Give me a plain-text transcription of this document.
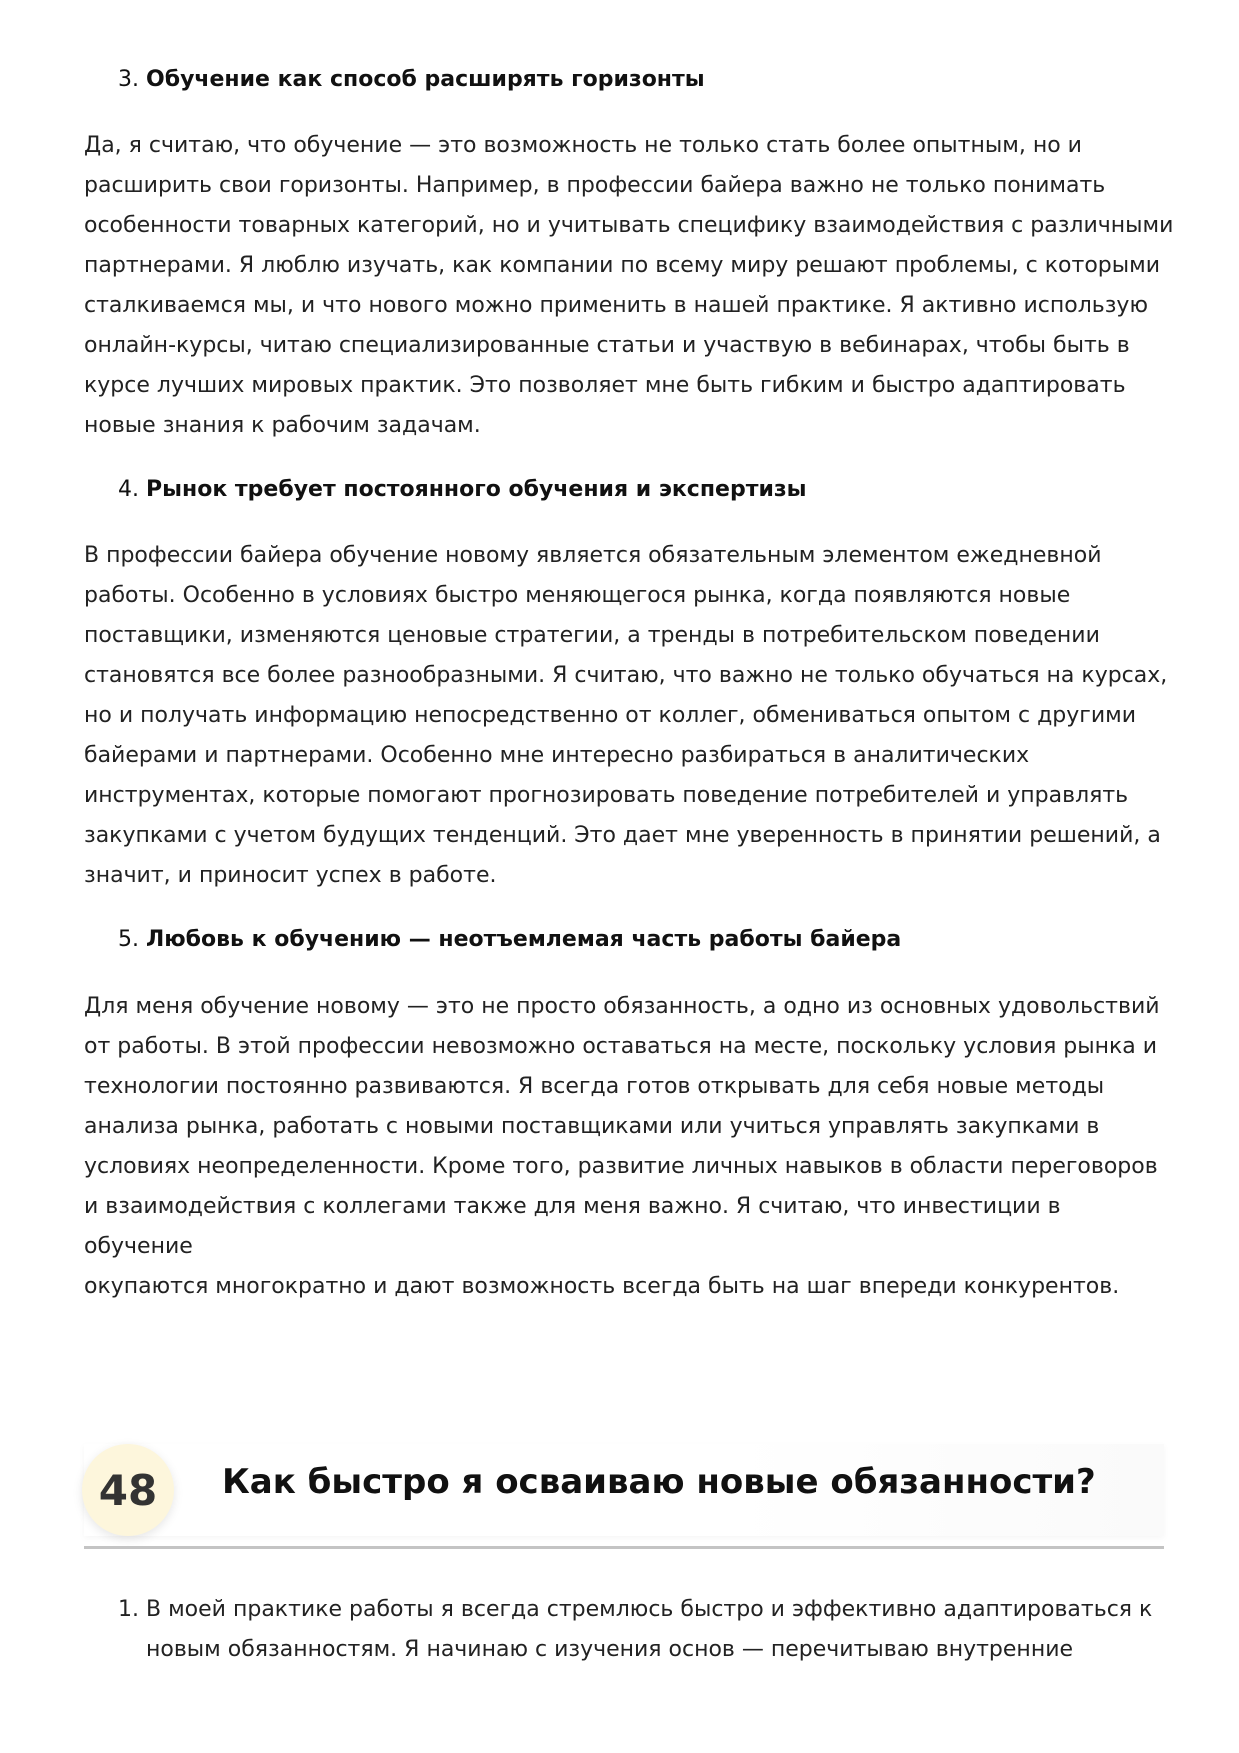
3. Обучение как способ расширять горизонты

Да, я считаю, что обучение — это возможность не только стать более опытным, но и
расширить свои горизонты. Например, в профессии байера важно не только понимать
особенности товарных категорий, но и учитывать специфику взаимодействия с различными
партнерами. Я люблю изучать, как компании по всему миру решают проблемы, с которыми
сталкиваемся мы, и что нового можно применить в нашей практике. Я активно использую
онлайн-курсы, читаю специализированные статьи и участвую в вебинарах, чтобы быть в
курсе лучших мировых практик. Это позволяет мне быть гибким и быстро адаптировать
новые знания к рабочим задачам.

4. Рынок требует постоянного обучения и экспертизы

В профессии байера обучение новому является обязательным элементом ежедневной
работы. Особенно в условиях быстро меняющегося рынка, когда появляются новые
поставщики, изменяются ценовые стратегии, а тренды в потребительском поведении
становятся все более разнообразными. Я считаю, что важно не только обучаться на курсах,
но и получать информацию непосредственно от коллег, обмениваться опытом с другими
байерами и партнерами. Особенно мне интересно разбираться в аналитических
инструментах, которые помогают прогнозировать поведение потребителей и управлять
закупками с учетом будущих тенденций. Это дает мне уверенность в принятии решений, а
значит, и приносит успех в работе.

5. Любовь к обучению — неотъемлемая часть работы байера

Для меня обучение новому — это не просто обязанность, а одно из основных удовольствий
от работы. В этой профессии невозможно оставаться на месте, поскольку условия рынка и
технологии постоянно развиваются. Я всегда готов открывать для себя новые методы
анализа рынка, работать с новыми поставщиками или учиться управлять закупками в
условиях неопределенности. Кроме того, развитие личных навыков в области переговоров
и взаимодействия с коллегами также для меня важно. Я считаю, что инвестиции в обучение
окупаются многократно и дают возможность всегда быть на шаг впереди конкурентов.

48	Как быстро я осваиваю новые обязанности?

1. В моей практике работы я всегда стремлюсь быстро и эффективно адаптироваться к
новым обязанностям. Я начинаю с изучения основ — перечитываю внутренние
